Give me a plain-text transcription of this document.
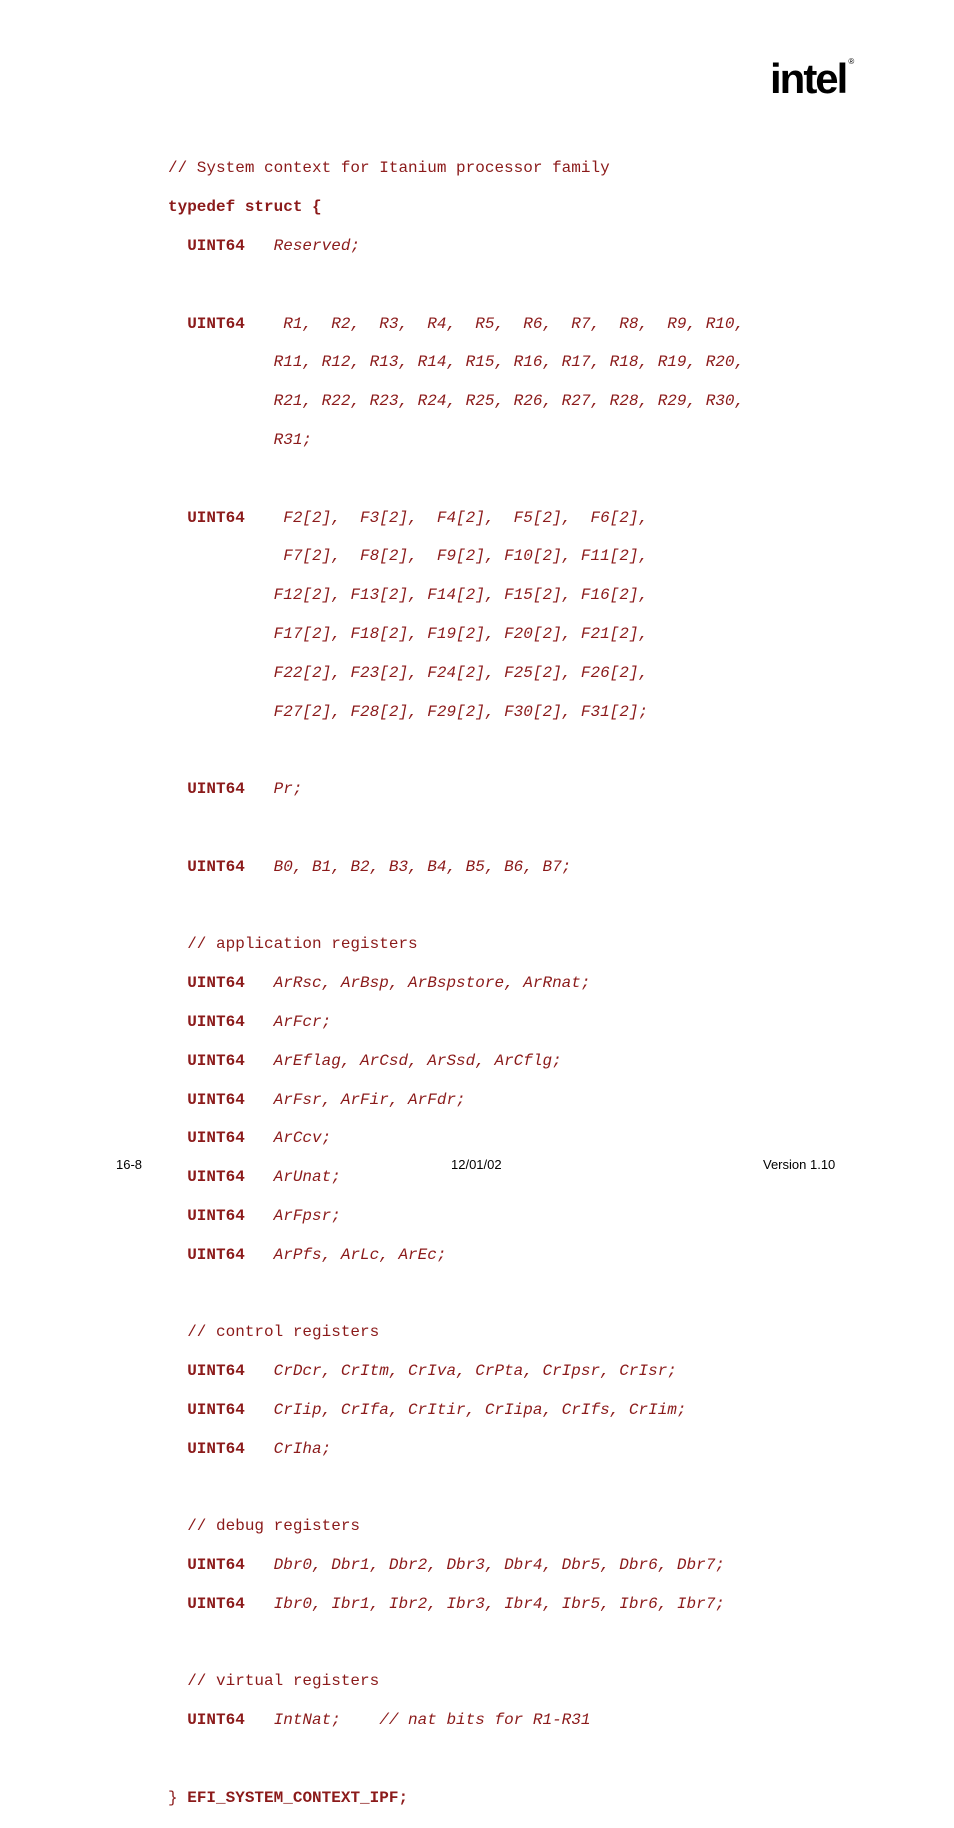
intel ®

// System context for Itanium processor family

typedef struct {

UINT64 Reserved;

UINT64    R1,  R2,  R3,  R4,  R5,  R6,  R7,  R8,  R9, R10,

R11, R12, R13, R14, R15, R16, R17, R18, R19, R20,

R21, R22, R23, R24, R25, R26, R27, R28, R29, R30,

R31;

UINT64    F2[2],  F3[2],  F4[2],  F5[2],  F6[2],

F7[2],  F8[2],  F9[2], F10[2], F11[2],

F12[2], F13[2], F14[2], F15[2], F16[2],

F17[2], F18[2], F19[2], F20[2], F21[2],

F22[2], F23[2], F24[2], F25[2], F26[2],

F27[2], F28[2], F29[2], F30[2], F31[2];

UINT64 Pr;

UINT64 B0, B1, B2, B3, B4, B5, B6, B7;

// application registers

UINT64 ArRsc, ArBsp, ArBspstore, ArRnat;

UINT64 ArFcr;

UINT64 ArEflag, ArCsd, ArSsd, ArCflg;

UINT64 ArFsr, ArFir, ArFdr;

UINT64 ArCcv;

UINT64 ArUnat;

UINT64 ArFpsr;

UINT64 ArPfs, ArLc, ArEc;

// control registers

UINT64 CrDcr, CrItm, CrIva, CrPta, CrIpsr, CrIsr;

UINT64 CrIip, CrIfa, CrItir, CrIipa, CrIfs, CrIim;

UINT64 CrIha;

// debug registers

UINT64 Dbr0, Dbr1, Dbr2, Dbr3, Dbr4, Dbr5, Dbr6, Dbr7;

UINT64 Ibr0, Ibr1, Ibr2, Ibr3, Ibr4, Ibr5, Ibr6, Ibr7;

// virtual registers

UINT64 IntNat;    // nat bits for R1-R31

} EFI_SYSTEM_CONTEXT_IPF;

16-8	12/01/02	Version 1.10
